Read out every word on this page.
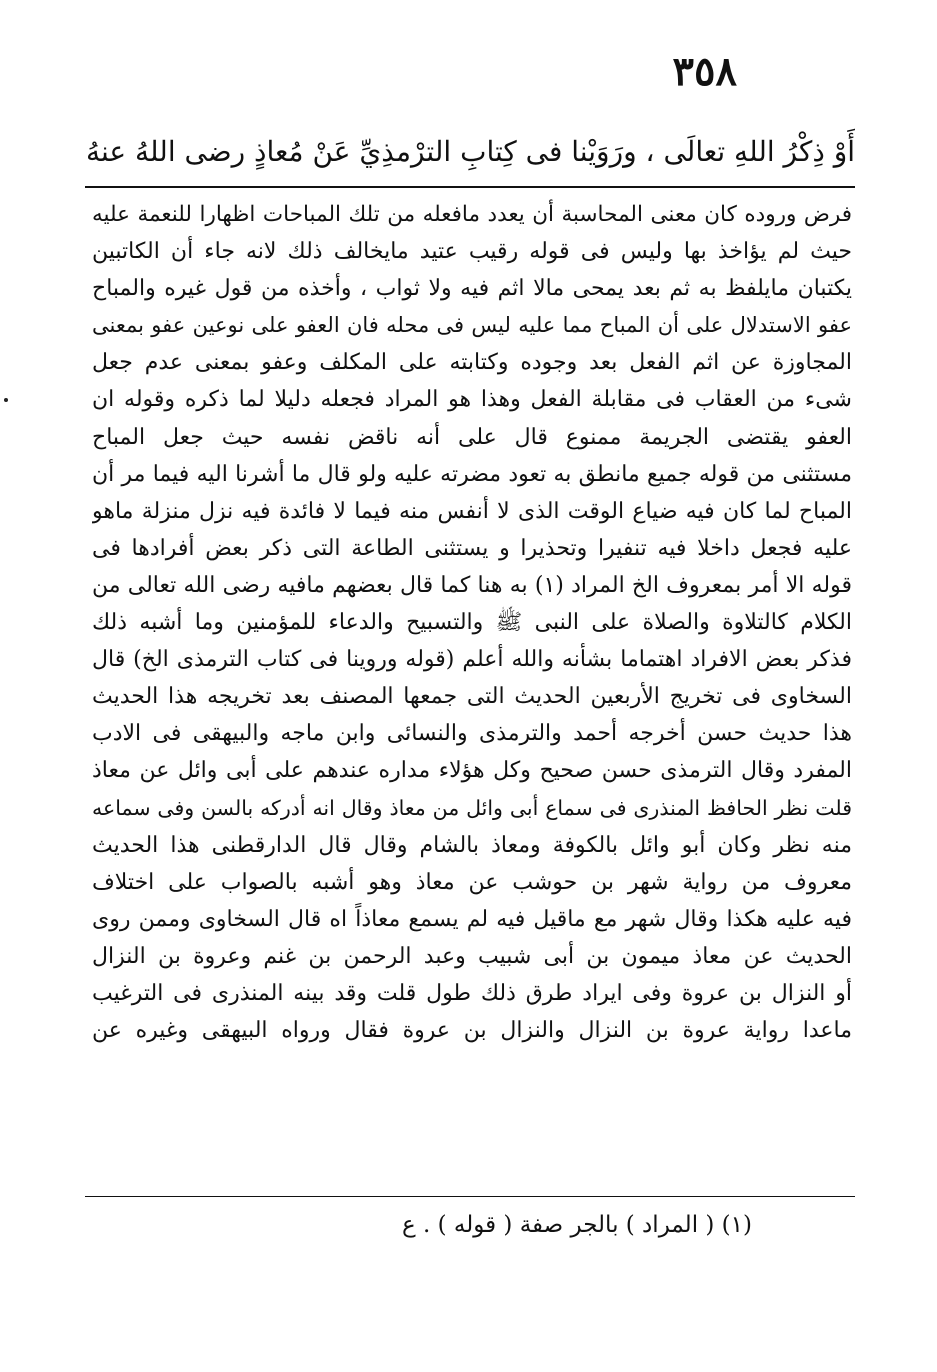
٣٥٨
أَوْ ذِكْرُ اللهِ تعالَى ، ورَوَيْنا فى كِتابِ الترْمذِيِّ عَنْ مُعاذٍ رضى اللهُ عنهُ
فرض وروده كان معنى المحاسبة أن يعدد مافعله من تلك المباحات اظهارا للنعمة عليه
حيث لم يؤاخذ بها وليس فى قوله رقيب عتيد مايخالف ذلك لانه جاء أن الكاتبين
يكتبان مايلفظ به ثم بعد يمحى مالا اثم فيه ولا ثواب ، وأخذه من قول غيره والمباح
عفو الاستدلال على أن المباح مما عليه ليس فى محله فان العفو على نوعين عفو بمعنى
المجاوزة عن اثم الفعل بعد وجوده وكتابته على المكلف وعفو بمعنى عدم جعل
شىء من العقاب فى مقابلة الفعل وهذا هو المراد فجعله دليلا لما ذكره وقوله ان
العفو يقتضى الجريمة ممنوع قال على أنه ناقض نفسه حيث جعل المباح
مستثنى من قوله جميع مانطق به تعود مضرته عليه ولو قال ما أشرنا اليه فيما مر أن
المباح لما كان فيه ضياع الوقت الذى لا أنفس منه فيما لا فائدة فيه نزل منزلة ماهو
عليه فجعل داخلا فيه تنفيرا وتحذيرا و يستثنى الطاعة التى ذكر بعض أفرادها فى
قوله الا أمر بمعروف الخ المراد (١) به هنا كما قال بعضهم مافيه رضى الله تعالى من
الكلام كالتلاوة والصلاة على النبى ﷺ والتسبيح والدعاء للمؤمنين وما أشبه ذلك
فذكر بعض الافراد اهتماما بشأنه والله أعلم (قوله وروينا فى كتاب الترمذى الخ) قال
السخاوى فى تخريج الأربعين الحديث التى جمعها المصنف بعد تخريجه هذا الحديث
هذا حديث حسن أخرجه أحمد والترمذى والنسائى وابن ماجه والبيهقى فى الادب
المفرد وقال الترمذى حسن صحيح وكل هؤلاء مداره عندهم على أبى وائل عن معاذ
قلت نظر الحافظ المنذرى فى سماع أبى وائل من معاذ وقال انه أدركه بالسن وفى سماعه
منه نظر وكان أبو وائل بالكوفة ومعاذ بالشام وقال قال الدارقطنى هذا الحديث
معروف من رواية شهر بن حوشب عن معاذ وهو أشبه بالصواب على اختلاف
فيه عليه هكذا وقال شهر مع ماقيل فيه لم يسمع معاذاً اه قال السخاوى وممن روى
الحديث عن معاذ ميمون بن أبى شبيب وعبد الرحمن بن غنم وعروة بن النزال
أو النزال بن عروة وفى ايراد طرق ذلك طول قلت وقد بينه المنذرى فى الترغيب
ماعدا رواية عروة بن النزال والنزال بن عروة فقال ورواه البيهقى وغيره عن
(١) ( المراد ) بالجر صفة ( قوله ) . ع
